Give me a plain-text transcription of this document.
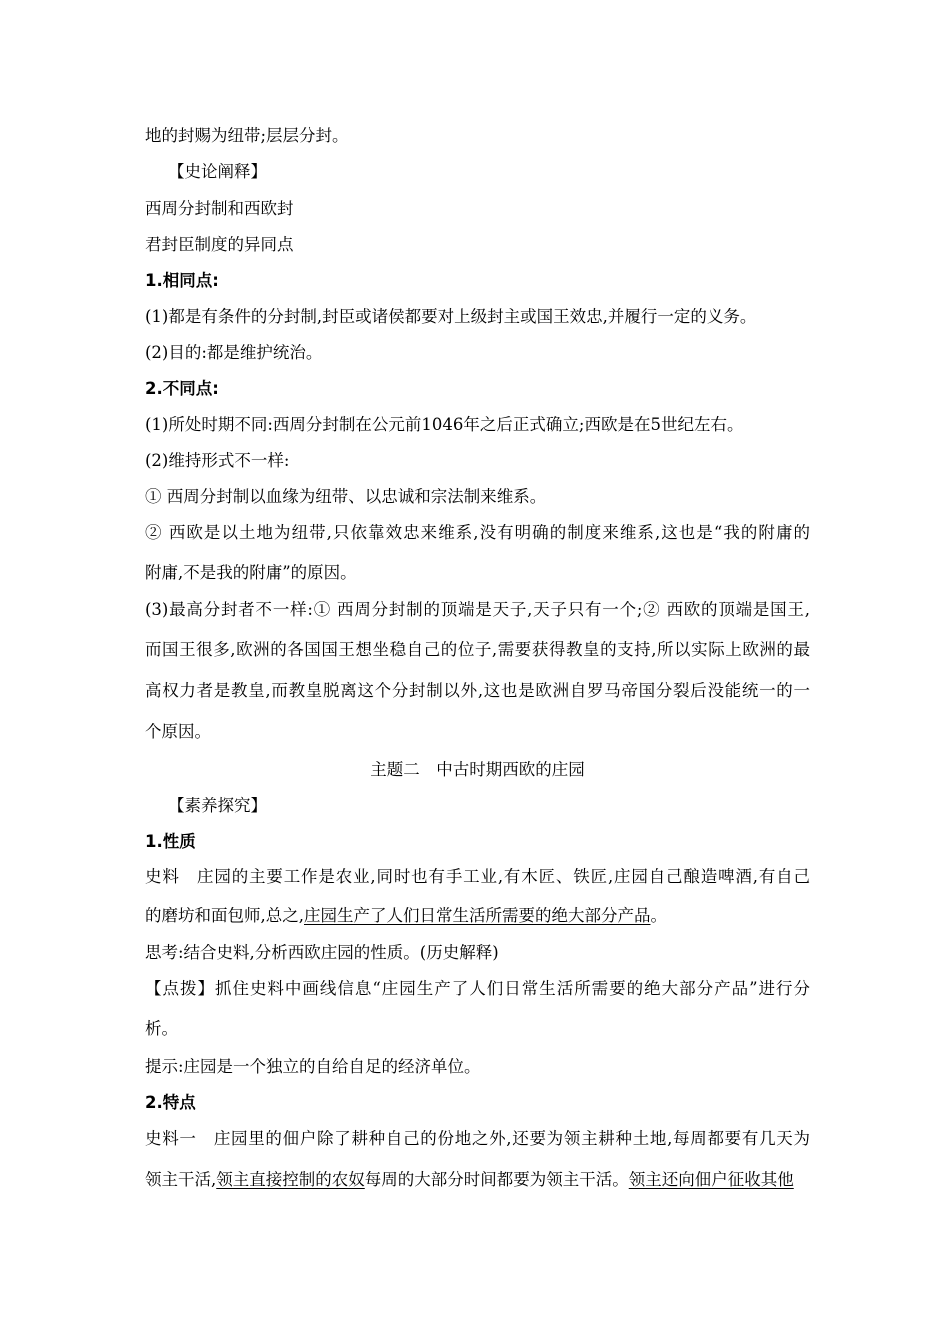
地的封赐为纽带;层层分封。
【史论阐释】
西周分封制和西欧封
君封臣制度的异同点
1.相同点:
(1)都是有条件的分封制,封臣或诸侯都要对上级封主或国王效忠,并履行一定的义务。
(2)目的:都是维护统治。
2.不同点:
(1)所处时期不同:西周分封制在公元前1046年之后正式确立;西欧是在5世纪左右。
(2)维持形式不一样:
① 西周分封制以血缘为纽带、以忠诚和宗法制来维系。
② 西欧是以土地为纽带,只依靠效忠来维系,没有明确的制度来维系,这也是“我的附庸的
附庸,不是我的附庸”的原因。
(3)最高分封者不一样:① 西周分封制的顶端是天子,天子只有一个;② 西欧的顶端是国王,
而国王很多,欧洲的各国国王想坐稳自己的位子,需要获得教皇的支持,所以实际上欧洲的最
高权力者是教皇,而教皇脱离这个分封制以外,这也是欧洲自罗马帝国分裂后没能统一的一
个原因。
主题二　中古时期西欧的庄园
【素养探究】
1.性质
史料　庄园的主要工作是农业,同时也有手工业,有木匠、铁匠,庄园自己酿造啤酒,有自己
的磨坊和面包师,总之,庄园生产了人们日常生活所需要的绝大部分产品。
思考:结合史料,分析西欧庄园的性质。(历史解释)
【点拨】抓住史料中画线信息“庄园生产了人们日常生活所需要的绝大部分产品”进行分
析。
提示:庄园是一个独立的自给自足的经济单位。
2.特点
史料一　庄园里的佃户除了耕种自己的份地之外,还要为领主耕种土地,每周都要有几天为
领主干活,领主直接控制的农奴每周的大部分时间都要为领主干活。领主还向佃户征收其他
